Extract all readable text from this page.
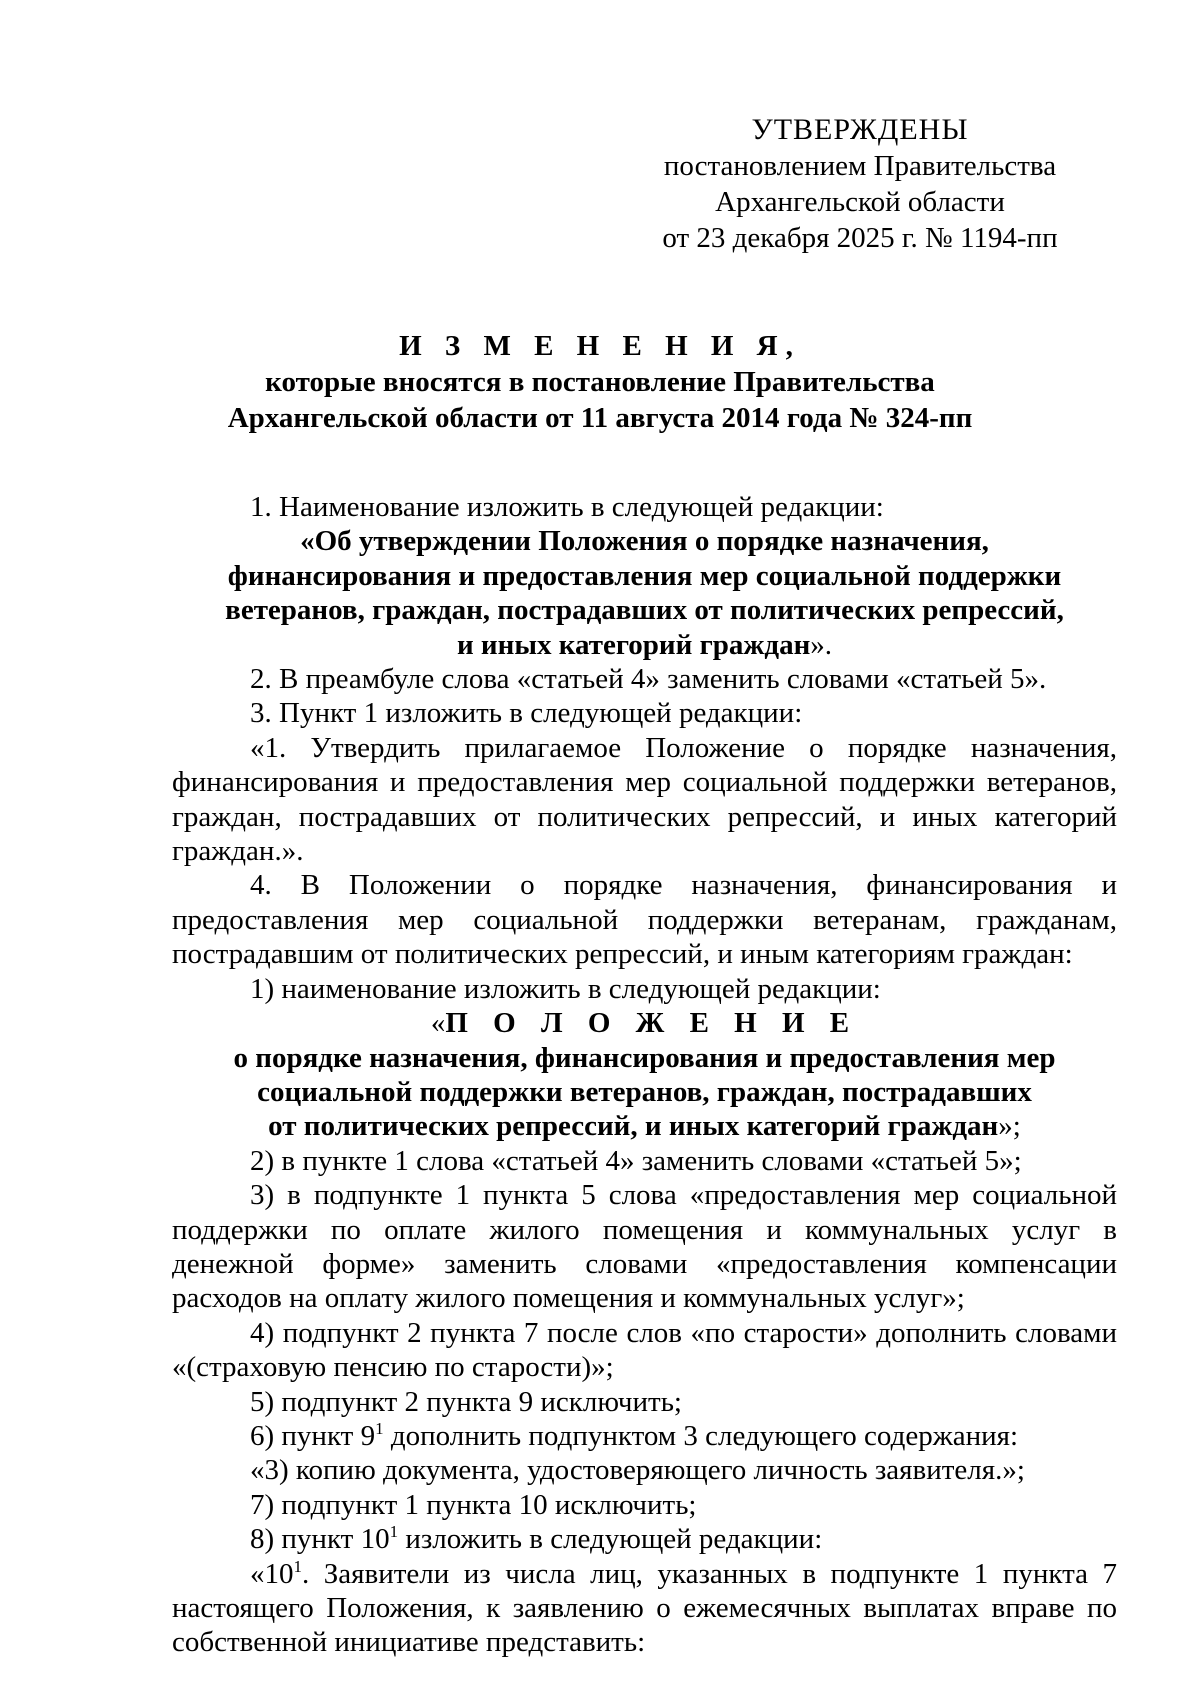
УТВЕРЖДЕНЫ
постановлением Правительства
Архангельской области
от 23 декабря 2025 г. № 1194-пп
И З М Е Н Е Н И Я,
которые вносятся в постановление Правительства
Архангельской области от 11 августа 2014 года № 324-пп

1. Наименование изложить в следующей редакции:

«Об утверждении Положения о порядке назначения,

финансирования и предоставления мер социальной поддержки

ветеранов, граждан, пострадавших от политических репрессий,

и иных категорий граждан».

2. В преамбуле слова «статьей 4» заменить словами «статьей 5».

3. Пункт 1 изложить в следующей редакции:

«1. Утвердить прилагаемое Положение о порядке назначения, финансирования и предоставления мер социальной поддержки ветеранов, граждан, пострадавших от политических репрессий, и иных категорий граждан.».

4. В Положении о порядке назначения, финансирования и предоставления мер социальной поддержки ветеранам, гражданам, пострадавшим от политических репрессий, и иным категориям граждан:

1) наименование изложить в следующей редакции:

«П О Л О Ж Е Н И Е

о порядке назначения, финансирования и предоставления мер

социальной поддержки ветеранов, граждан, пострадавших

от политических репрессий, и иных категорий граждан»;

2) в пункте 1 слова «статьей 4» заменить словами «статьей 5»;

3) в подпункте 1 пункта 5 слова «предоставления мер социальной поддержки по оплате жилого помещения и коммунальных услуг в денежной форме» заменить словами «предоставления компенсации расходов на оплату жилого помещения и коммунальных услуг»;

4) подпункт 2 пункта 7 после слов «по старости» дополнить словами «(страховую пенсию по старости)»;

5) подпункт 2 пункта 9 исключить;

6) пункт $9^1$ дополнить подпунктом 3 следующего содержания:

«3) копию документа, удостоверяющего личность заявителя.»;

7) подпункт 1 пункта 10 исключить;

8) пункт $10^1$ изложить в следующей редакции:

«$10^1$. Заявители из числа лиц, указанных в подпункте 1 пункта 7 настоящего Положения, к заявлению о ежемесячных выплатах вправе по собственной инициативе представить:
